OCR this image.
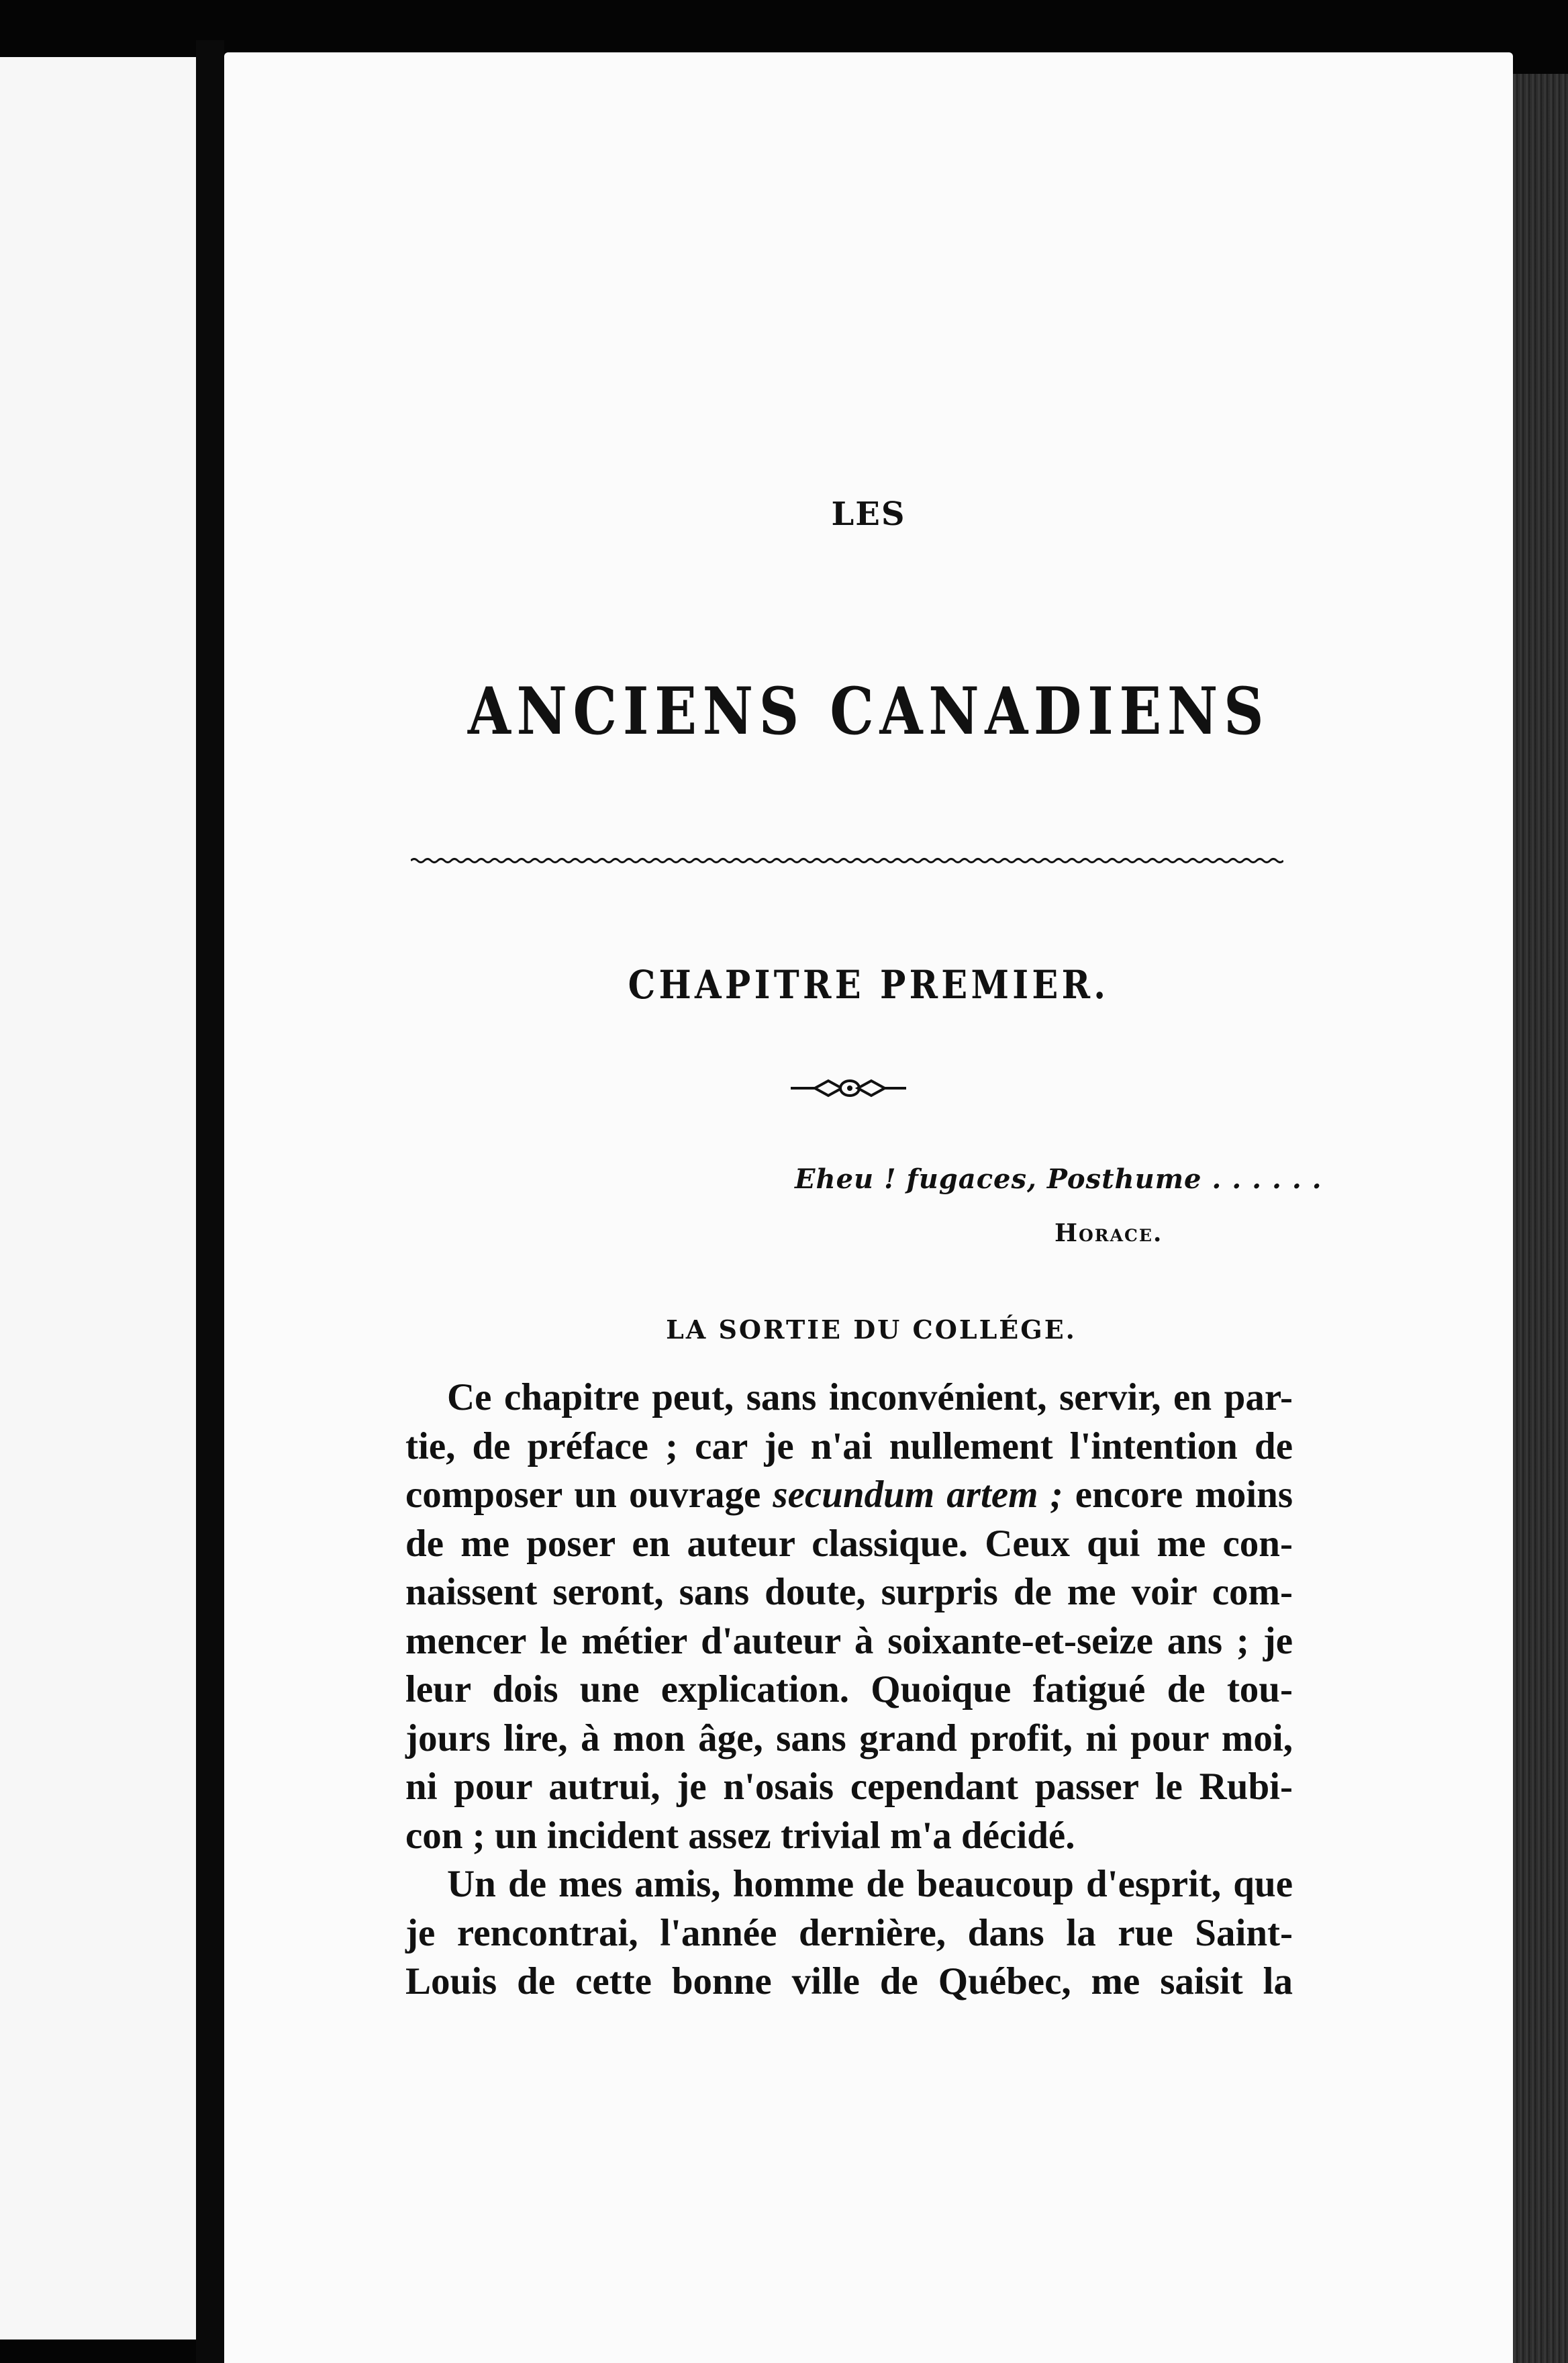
LES
ANCIENS CANADIENS
CHAPITRE PREMIER.
Eheu ! fugaces, Posthume . . . . . .
Horace.
LA SORTIE DU COLLÉGE.
Ce chapitre peut, sans inconvénient, servir, en par-
tie, de préface ; car je n'ai nullement l'intention de
composer un ouvrage secundum artem ; encore moins
de me poser en auteur classique. Ceux qui me con-
naissent seront, sans doute, surpris de me voir com-
mencer le métier d'auteur à soixante-et-seize ans ; je
leur dois une explication. Quoique fatigué de tou-
jours lire, à mon âge, sans grand profit, ni pour moi,
ni pour autrui, je n'osais cependant passer le Rubi-
con ; un incident assez trivial m'a décidé.
Un de mes amis, homme de beaucoup d'esprit, que
je rencontrai, l'année dernière, dans la rue Saint-
Louis de cette bonne ville de Québec, me saisit la
